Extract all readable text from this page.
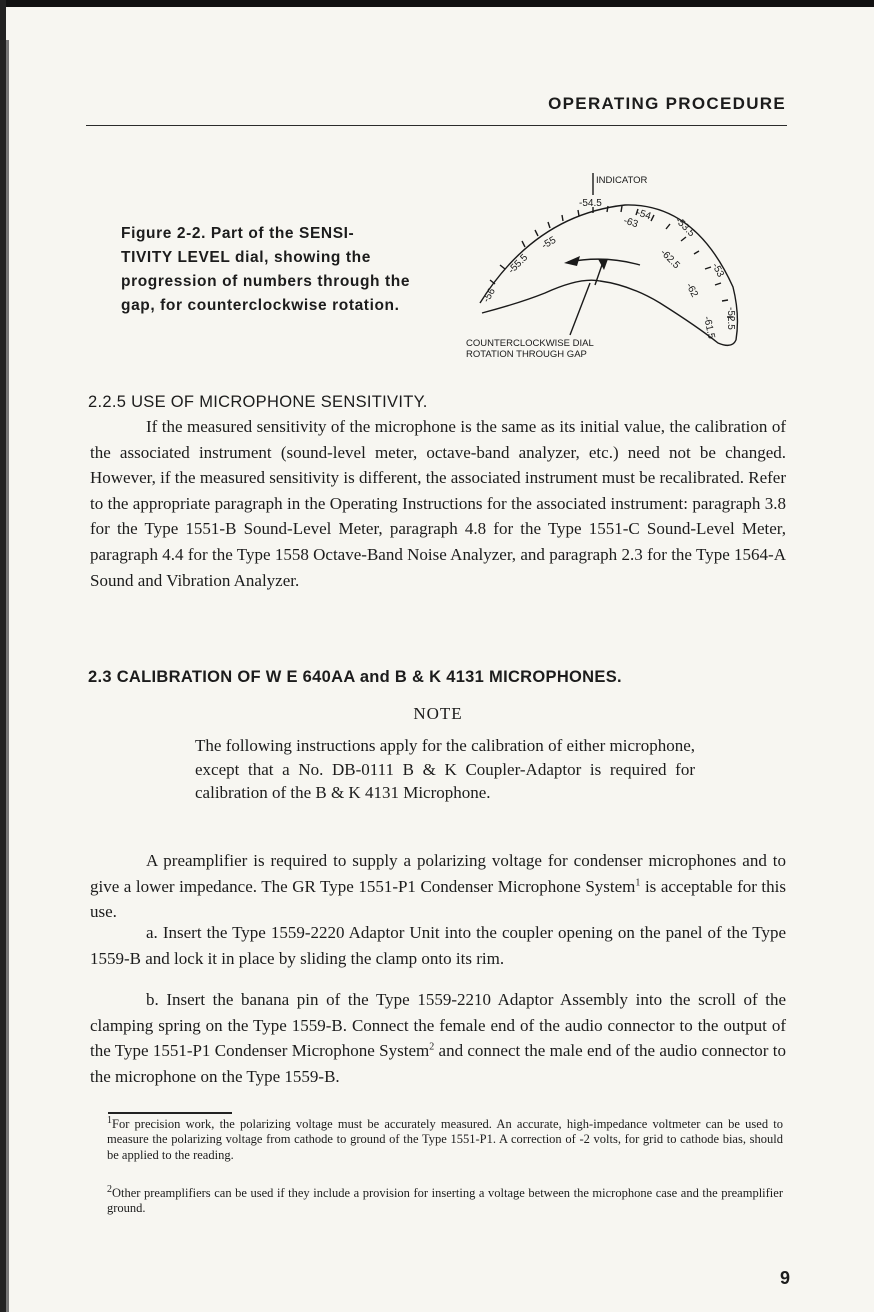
OPERATING PROCEDURE
Figure 2-2. Part of the SENSI-
TIVITY LEVEL dial, showing the
progression of numbers through the
gap, for counterclockwise rotation.
INDICATOR
-54.5
-54
-53.5
-53
-52.5
-55
-63
-55.5	-62.5
-56	-62
-61.5
COUNTERCLOCKWISE DIAL
ROTATION THROUGH GAP
2.2.5 USE OF MICROPHONE SENSITIVITY.

If the measured sensitivity of the microphone is the same as its initial value, the calibration of the associated instrument (sound-level meter, octave-band analyzer, etc.) need not be changed. However, if the measured sensitivity is different, the associated instrument must be recalibrated. Refer to the appropriate paragraph in the Operating Instructions for the associated instrument: paragraph 3.8 for the Type 1551-B Sound-Level Meter, paragraph 4.8 for the Type 1551-C Sound-Level Meter, paragraph 4.4 for the Type 1558 Octave-Band Noise Analyzer, and paragraph 2.3 for the Type 1564-A Sound and Vibration Analyzer.

2.3 CALIBRATION OF W E 640AA and B & K 4131 MICROPHONES.
NOTE

The following instructions apply for the calibration of either microphone, except that a No. DB-0111 B & K Coupler-Adaptor is required for calibration of the B & K 4131 Microphone.

A preamplifier is required to supply a polarizing voltage for condenser microphones and to give a lower impedance. The GR Type 1551-P1 Condenser Microphone System$^1$ is acceptable for this use.

a. Insert the Type 1559-2220 Adaptor Unit into the coupler opening on the panel of the Type 1559-B and lock it in place by sliding the clamp onto its rim.

b. Insert the banana pin of the Type 1559-2210 Adaptor Assembly into the scroll of the clamping spring on the Type 1559-B. Connect the female end of the audio connector to the output of the Type 1551-P1 Condenser Microphone System$^2$ and connect the male end of the audio connector to the microphone on the Type 1559-B.

$^1$For precision work, the polarizing voltage must be accurately measured. An accurate, high-impedance voltmeter can be used to measure the polarizing voltage from cathode to ground of the Type 1551-P1. A correction of -2 volts, for grid to cathode bias, should be applied to the reading.

$^2$Other preamplifiers can be used if they include a provision for inserting a voltage between the microphone case and the preamplifier ground.

9
